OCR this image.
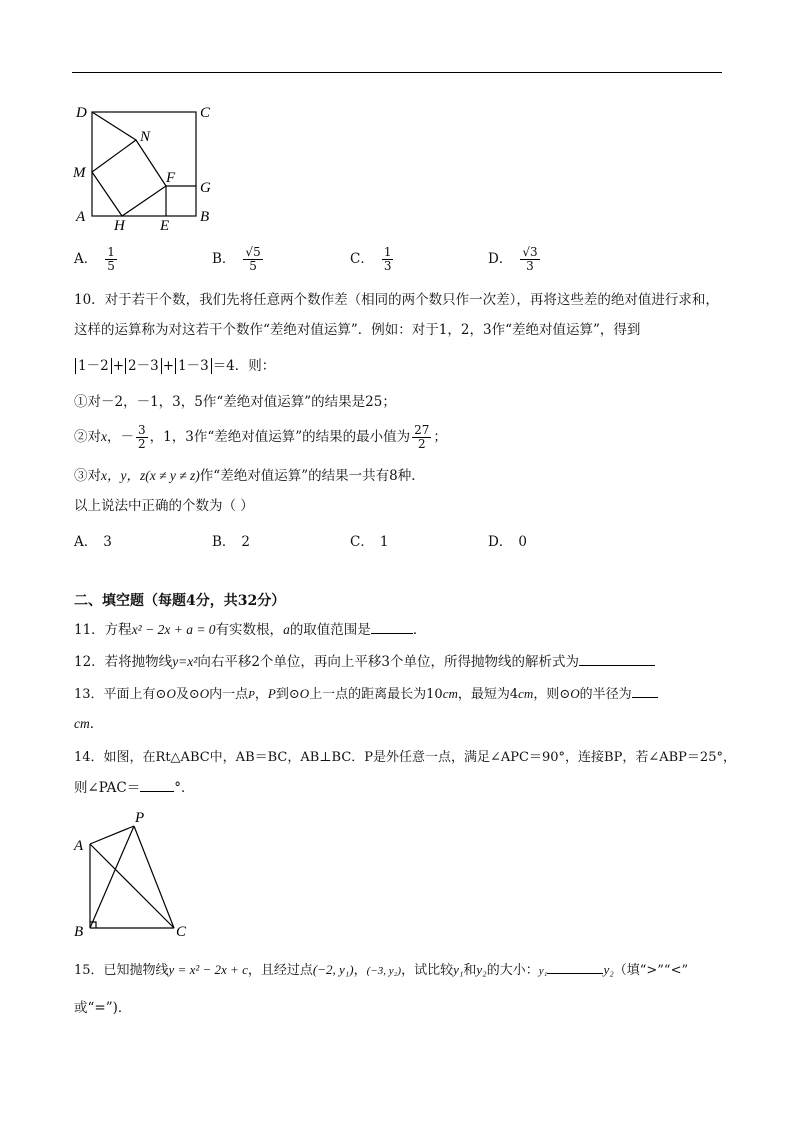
D	C
N
M	F
G
A
H E
B
A． $\frac{1}{5}$	B． $\frac{√5}{5}$	C． $\frac{1}{3}$	D． $\frac{√3}{3}$
10．对于若干个数，我们先将任意两个数作差（相同的两个数只作一次差），再将这些差的绝对值进行求和，
这样的运算称为对这若干个数作“差绝对值运算”．例如：对于1，2，3作“差绝对值运算”，得到
1－2 + 2－3 + 1－3 ＝4．则：
①对－2，－1，3，5作“差绝对值运算”的结果是25；
②对x，－ $\frac{3}{2}$ ，1，3作“差绝对值运算”的结果的最小值为 $\frac{27}{2}$ ；
③对x，y，z(x ≠ y ≠ z)作“差绝对值运算”的结果一共有8种．
以上说法中正确的个数为（ ）
A． 3	B． 2	C． 1	D． 0
二、填空题（每题4分，共32分）
11．方程x² − 2x + a = 0有实数根，a的取值范围是	．
12．若将抛物线y=x²向右平移2个单位，再向上平移3个单位，所得抛物线的解析式为
13．平面上有⊙O及⊙O内一点P，P到⊙O上一点的距离最长为10cm，最短为4cm，则⊙O的半径为
cm．
14．如图，在Rt△ABC中，AB＝BC，AB⊥BC．P是外任意一点，满足∠APC＝90°，连接BP，若∠ABP＝25°，
则∠PAC＝	°．
P
A
B	C
15．已知抛物线y = x² − 2x + c，且经过点(−2, y₁)，(−3, y₂)，试比较y₁和y₂的大小：y₁	y₂（填“>”“<”
或“=”)．
